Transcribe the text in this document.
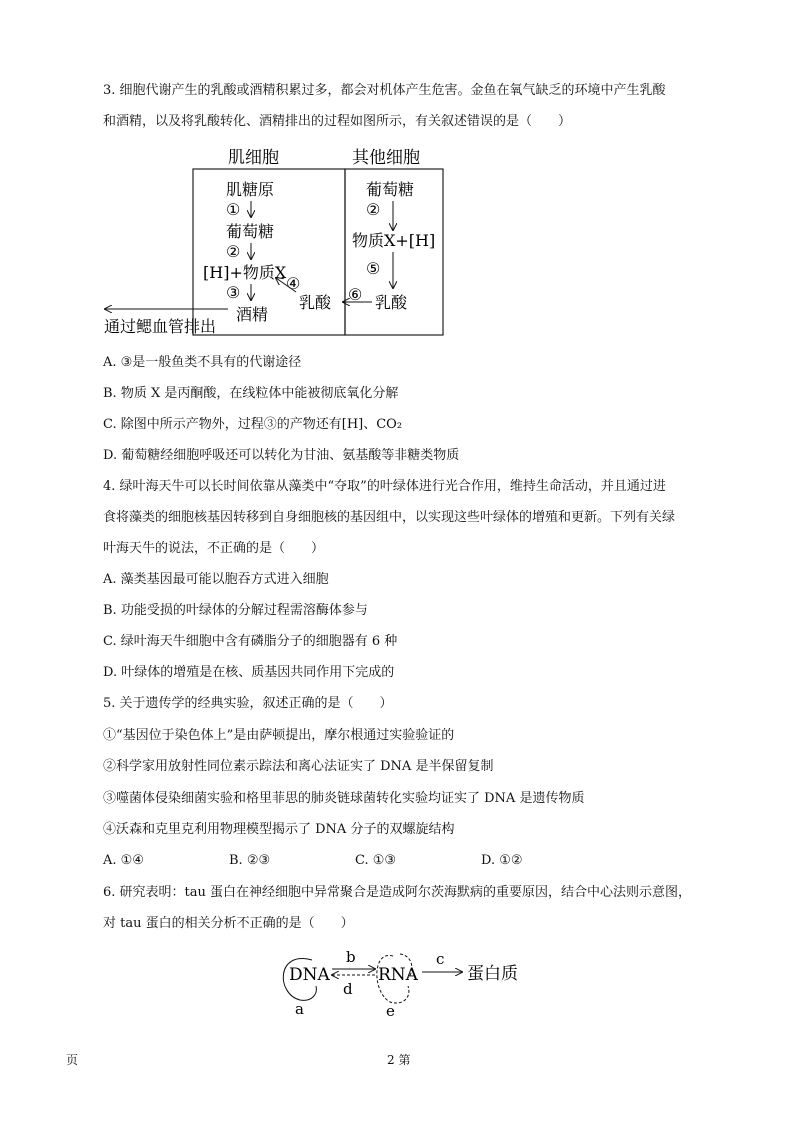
3. 细胞代谢产生的乳酸或酒精积累过多，都会对机体产生危害。金鱼在氧气缺乏的环境中产生乳酸
和酒精，以及将乳酸转化、酒精排出的过程如图所示，有关叙述错误的是（　　）
肌细胞	其他细胞
肌糖原
①
葡萄糖
②
[H]+物质X
③
酒精
④
乳酸
葡萄糖
②
物质X+[H]
⑤
乳酸
⑥
通过鳃血管排出
A. ③是一般鱼类不具有的代谢途径
B. 物质 X 是丙酮酸，在线粒体中能被彻底氧化分解
C. 除图中所示产物外，过程③的产物还有[H]、CO₂
D. 葡萄糖经细胞呼吸还可以转化为甘油、氨基酸等非糖类物质
4. 绿叶海天牛可以长时间依靠从藻类中“夺取”的叶绿体进行光合作用，维持生命活动，并且通过进
食将藻类的细胞核基因转移到自身细胞核的基因组中，以实现这些叶绿体的增殖和更新。下列有关绿
叶海天牛的说法，不正确的是（　　）
A. 藻类基因最可能以胞吞方式进入细胞
B. 功能受损的叶绿体的分解过程需溶酶体参与
C. 绿叶海天牛细胞中含有磷脂分子的细胞器有 6 种
D. 叶绿体的增殖是在核、质基因共同作用下完成的
5. 关于遗传学的经典实验，叙述正确的是（　　）
①“基因位于染色体上”是由萨顿提出，摩尔根通过实验验证的
②科学家用放射性同位素示踪法和离心法证实了 DNA 是半保留复制
③噬菌体侵染细菌实验和格里菲思的肺炎链球菌转化实验均证实了 DNA 是遗传物质
④沃森和克里克利用物理模型揭示了 DNA 分子的双螺旋结构
A. ①④	B. ②③	C. ①③	D. ①②
6. 研究表明：tau 蛋白在神经细胞中异常聚合是造成阿尔茨海默病的重要原因，结合中心法则示意图，
对 tau 蛋白的相关分析不正确的是（　　）
DNA
a
b
d
RNA
e
c
蛋白质
页	2 第
